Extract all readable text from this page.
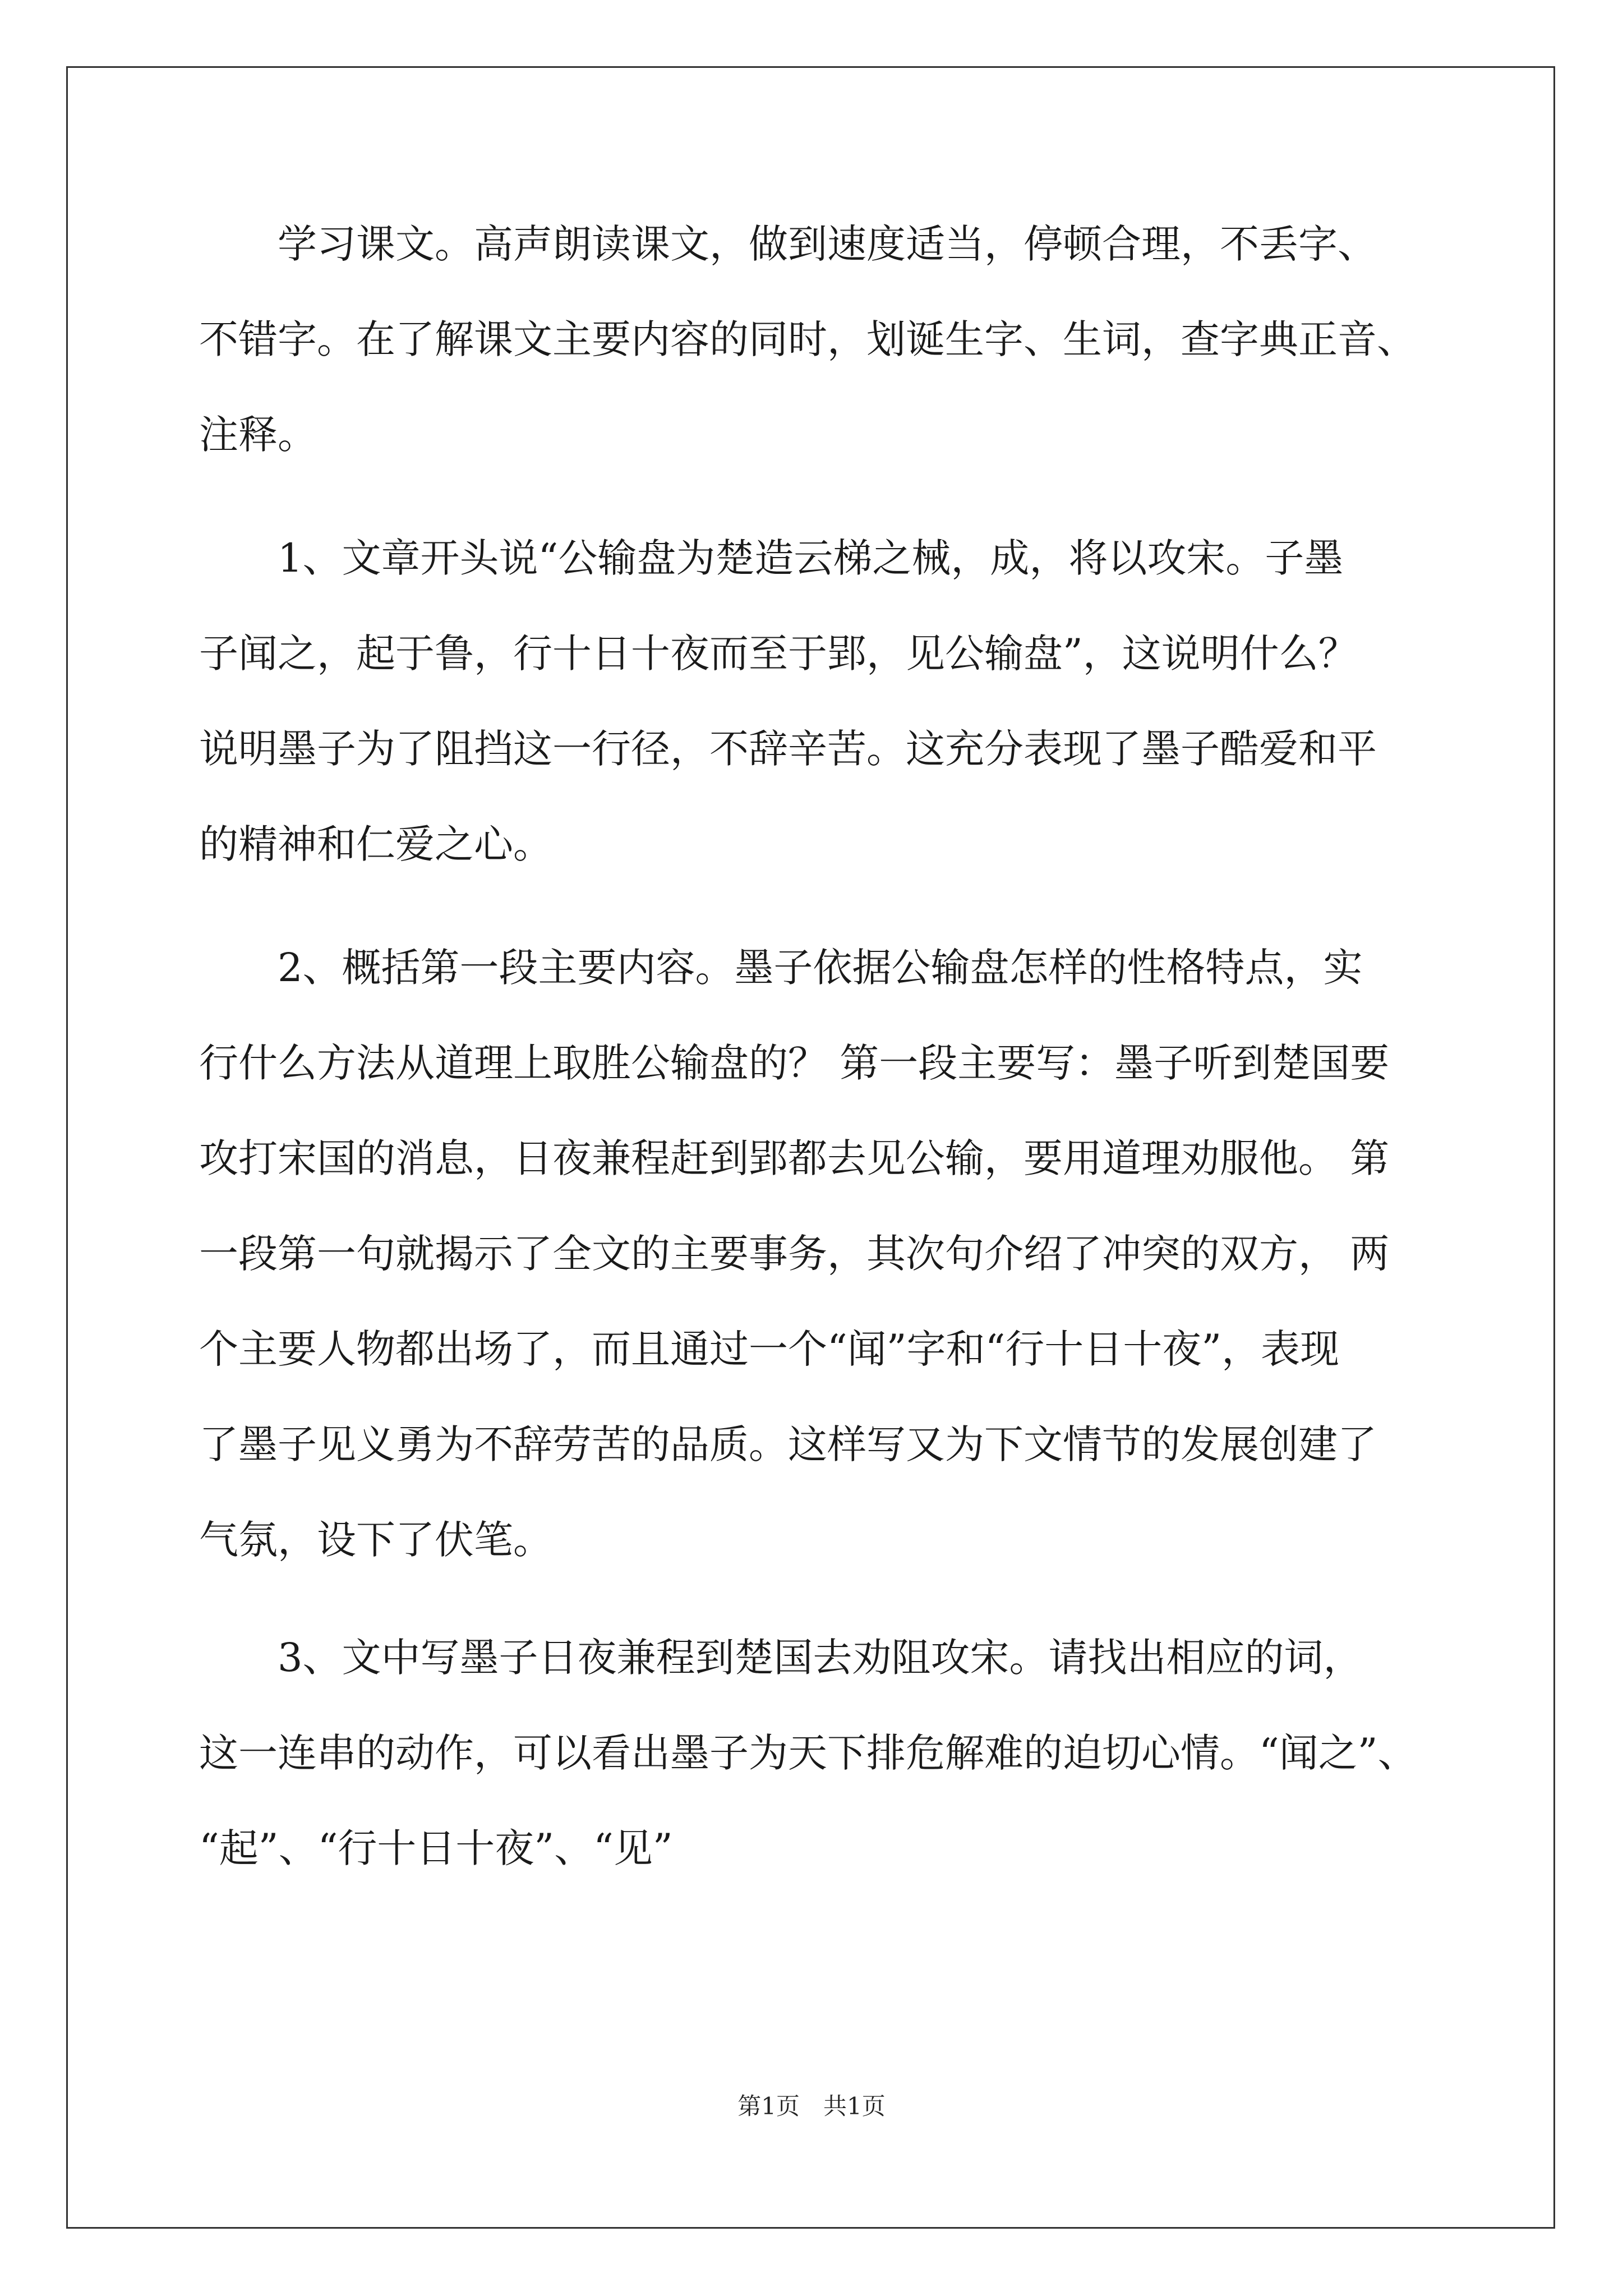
学习课文。高声朗读课文，做到速度适当，停顿合理，不丢字、
不错字。在了解课文主要内容的同时，划诞生字、生词，查字典正音、
注释。
1、文章开头说“公输盘为楚造云梯之械，成，将以攻宋。子墨
子闻之，起于鲁，行十日十夜而至于郢，见公输盘”，这说明什么？
说明墨子为了阻挡这一行径，不辞辛苦。这充分表现了墨子酷爱和平
的精神和仁爱之心。
2、概括第一段主要内容。墨子依据公输盘怎样的性格特点，实
行什么方法从道理上取胜公输盘的？ 第一段主要写：墨子听到楚国要
攻打宋国的消息，日夜兼程赶到郢都去见公输，要用道理劝服他。 第
一段第一句就揭示了全文的主要事务，其次句介绍了冲突的双方， 两
个主要人物都出场了，而且通过一个“闻”字和“行十日十夜”，表现
了墨子见义勇为不辞劳苦的品质。这样写又为下文情节的发展创建了
气氛，设下了伏笔。
3、文中写墨子日夜兼程到楚国去劝阻攻宋。请找出相应的词，
这一连串的动作，可以看出墨子为天下排危解难的迫切心情。“闻之”、
“起”、“行十日十夜”、“见”
第1页　共1页
